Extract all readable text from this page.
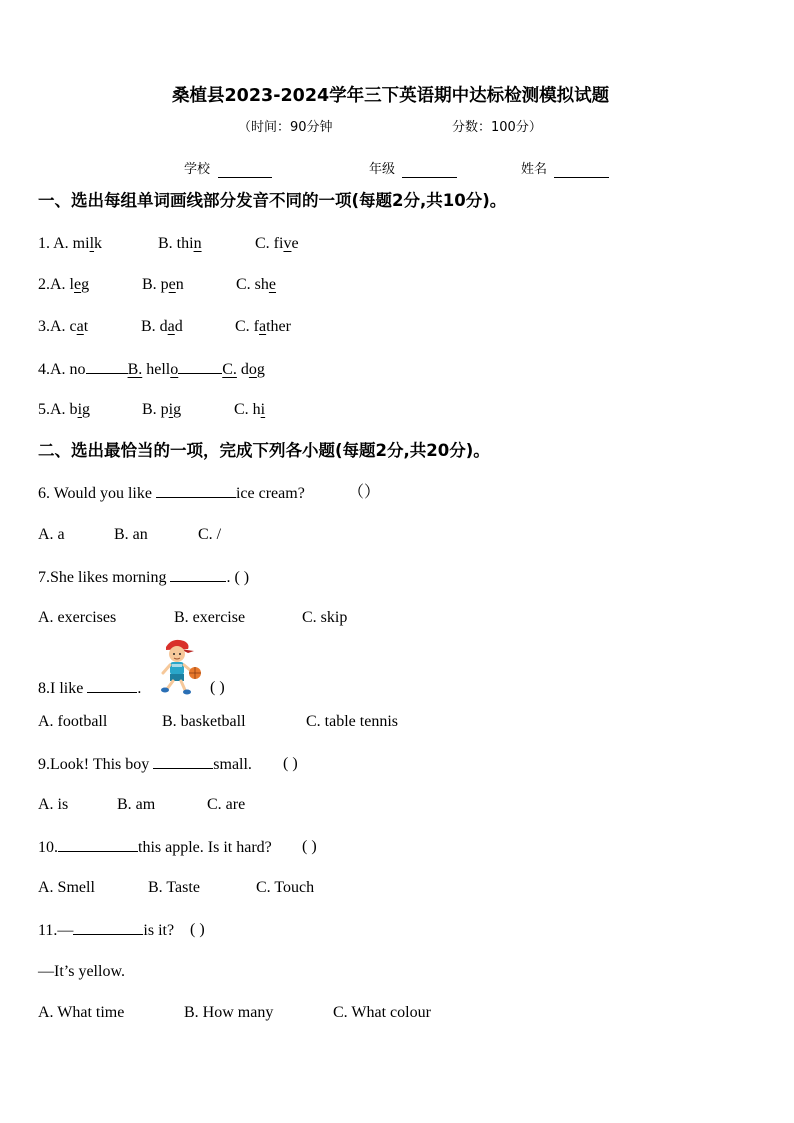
桑植县2023-2024学年三下英语期中达标检测模拟试题
（时间：90分钟	分数：100分）
学校	年级	姓名
一、选出每组单词画线部分发音不同的一项(每题2分,共10分)。
1. A. milk	B. thin	C. five
2.A. leg	B. pen	C. she
3.A. cat	B. dad	C. father
4.A. no	B. hello	C. dog
5.A. big	B. pig	C. hi
二、选出最恰当的一项，完成下列各小题(每题2分,共20分)。
6. Would you like	ice cream?	（）
A. a	B. an	C. /
7.She likes morning	. ( )
A. exercises	B. exercise	C. skip
8.I like	.	( )
A. football	B. basketball	C. table tennis
9.Look! This boy	small. ( )
A. is	B. am	C. are
10.	this apple. Is it hard? ( )
A. Smell	B. Taste	C. Touch
11.—	is it? ( )
—It’s yellow.
A. What time	B. How many	C. What colour
